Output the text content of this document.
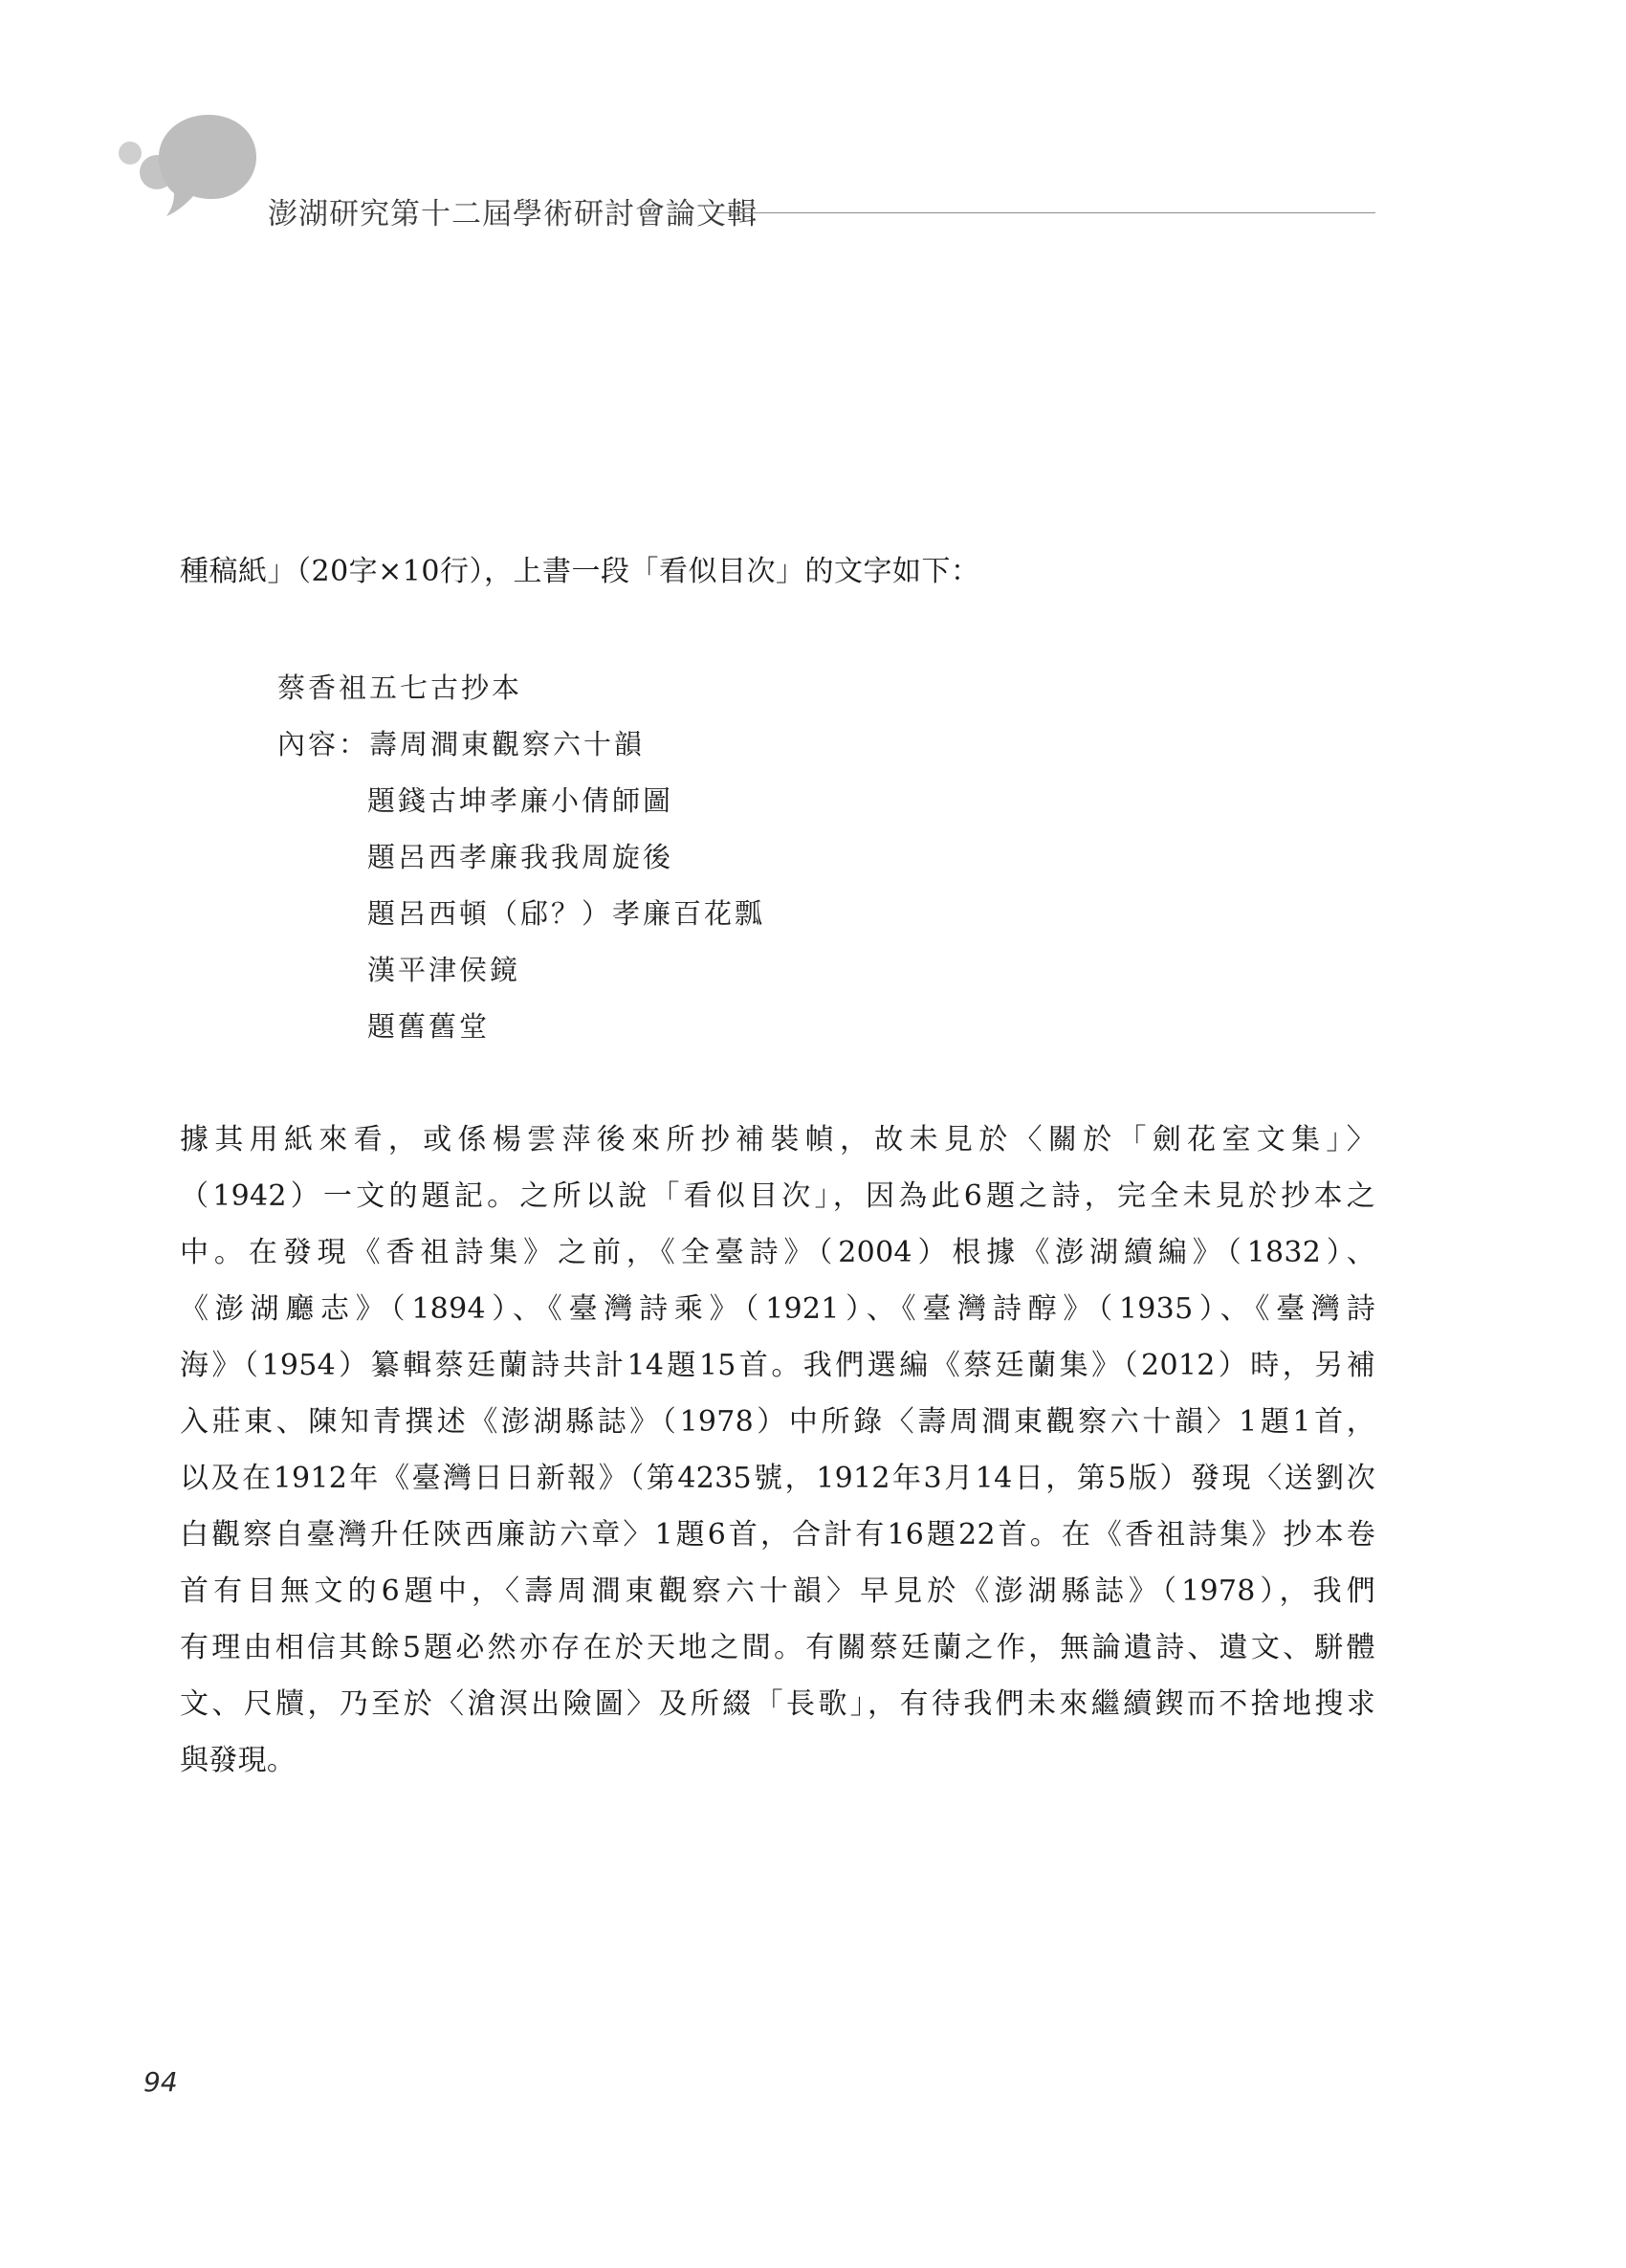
澎湖研究第十二屆學術研討會論文輯
種稿紙」（20字×10行），上書一段「看似目次」的文字如下：
蔡香祖五七古抄本
內容：壽周澗東觀察六十韻
題錢古坤孝廉小倩師圖
題呂西孝廉我我周旋後
題呂西頓（郈？）孝廉百花瓢
漢平津侯鏡
題舊舊堂
據其用紙來看，或係楊雲萍後來所抄補裝幀，故未見於〈關於「劍花室文集」〉
（1942）一文的題記。之所以說「看似目次」，因為此6題之詩，完全未見於抄本之
中。在發現《香祖詩集》之前，《全臺詩》（2004）根據《澎湖續編》（1832）、
《澎湖廳志》（1894）、《臺灣詩乘》（1921）、《臺灣詩醇》（1935）、《臺灣詩
海》（1954）纂輯蔡廷蘭詩共計14題15首。我們選編《蔡廷蘭集》（2012）時，另補
入莊東、陳知青撰述《澎湖縣誌》（1978）中所錄〈壽周澗東觀察六十韻〉1題1首，
以及在1912年《臺灣日日新報》（第4235號，1912年3月14日，第5版）發現〈送劉次
白觀察自臺灣升任陝西廉訪六章〉1題6首，合計有16題22首。在《香祖詩集》抄本卷
首有目無文的6題中，〈壽周澗東觀察六十韻〉早見於《澎湖縣誌》（1978），我們
有理由相信其餘5題必然亦存在於天地之間。有關蔡廷蘭之作，無論遺詩、遺文、駢體
文、尺牘，乃至於〈滄溟出險圖〉及所綴「長歌」，有待我們未來繼續鍥而不捨地搜求
與發現。
94
